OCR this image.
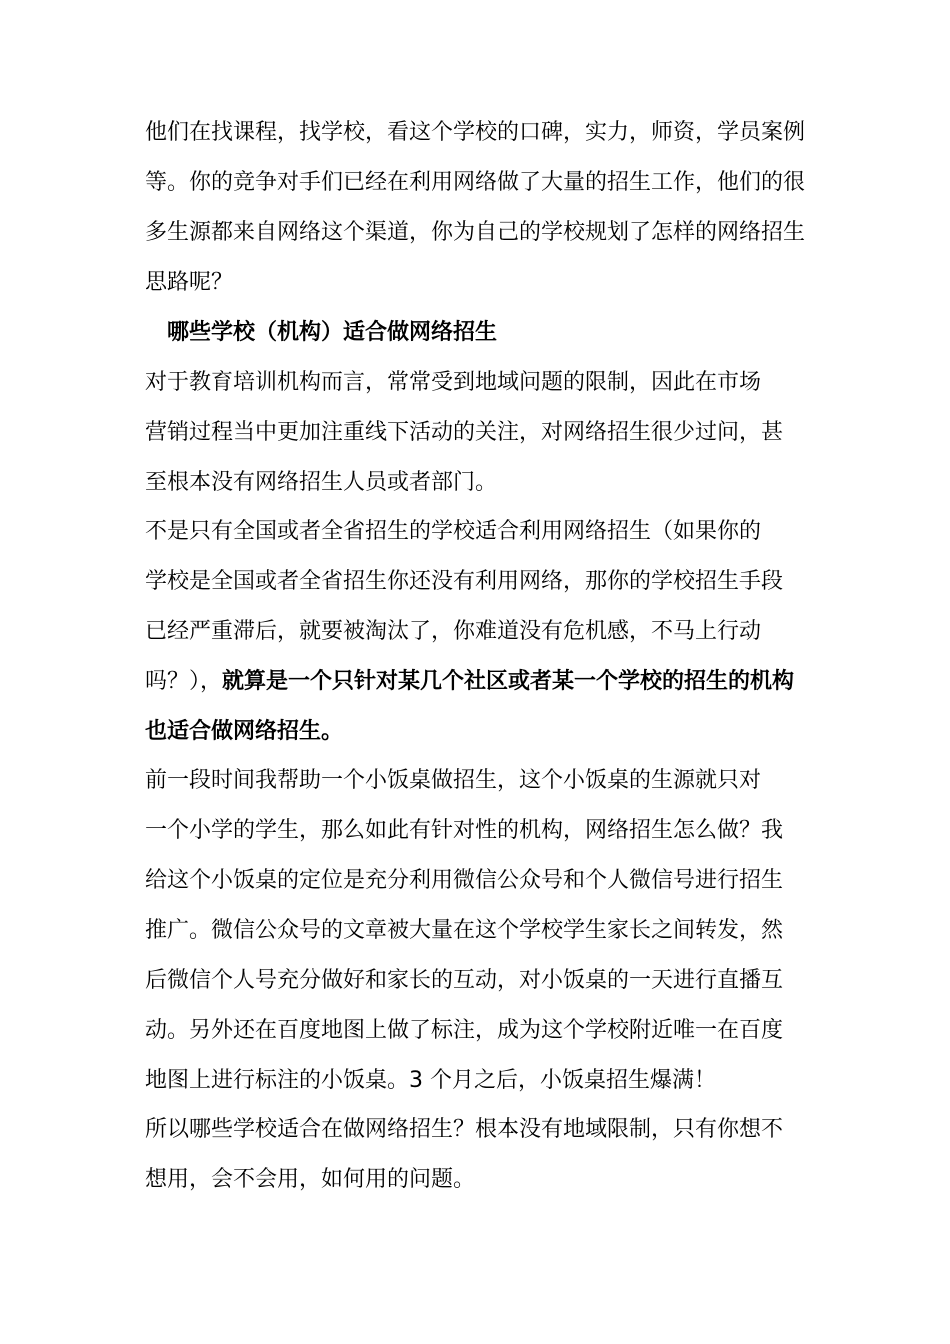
他们在找课程，找学校，看这个学校的口碑，实力，师资，学员案例
等。你的竞争对手们已经在利用网络做了大量的招生工作，他们的很
多生源都来自网络这个渠道，你为自己的学校规划了怎样的网络招生
思路呢？
哪些学校（机构）适合做网络招生
对于教育培训机构而言，常常受到地域问题的限制，因此在市场
营销过程当中更加注重线下活动的关注，对网络招生很少过问，甚
至根本没有网络招生人员或者部门。
不是只有全国或者全省招生的学校适合利用网络招生（如果你的
学校是全国或者全省招生你还没有利用网络，那你的学校招生手段
已经严重滞后，就要被淘汰了，你难道没有危机感，不马上行动
吗？），就算是一个只针对某几个社区或者某一个学校的招生的机构
也适合做网络招生。
前一段时间我帮助一个小饭桌做招生，这个小饭桌的生源就只对
一个小学的学生，那么如此有针对性的机构，网络招生怎么做？我
给这个小饭桌的定位是充分利用微信公众号和个人微信号进行招生
推广。微信公众号的文章被大量在这个学校学生家长之间转发，然
后微信个人号充分做好和家长的互动，对小饭桌的一天进行直播互
动。另外还在百度地图上做了标注，成为这个学校附近唯一在百度
地图上进行标注的小饭桌。3 个月之后，小饭桌招生爆满！
所以哪些学校适合在做网络招生？根本没有地域限制，只有你想不
想用，会不会用，如何用的问题。
